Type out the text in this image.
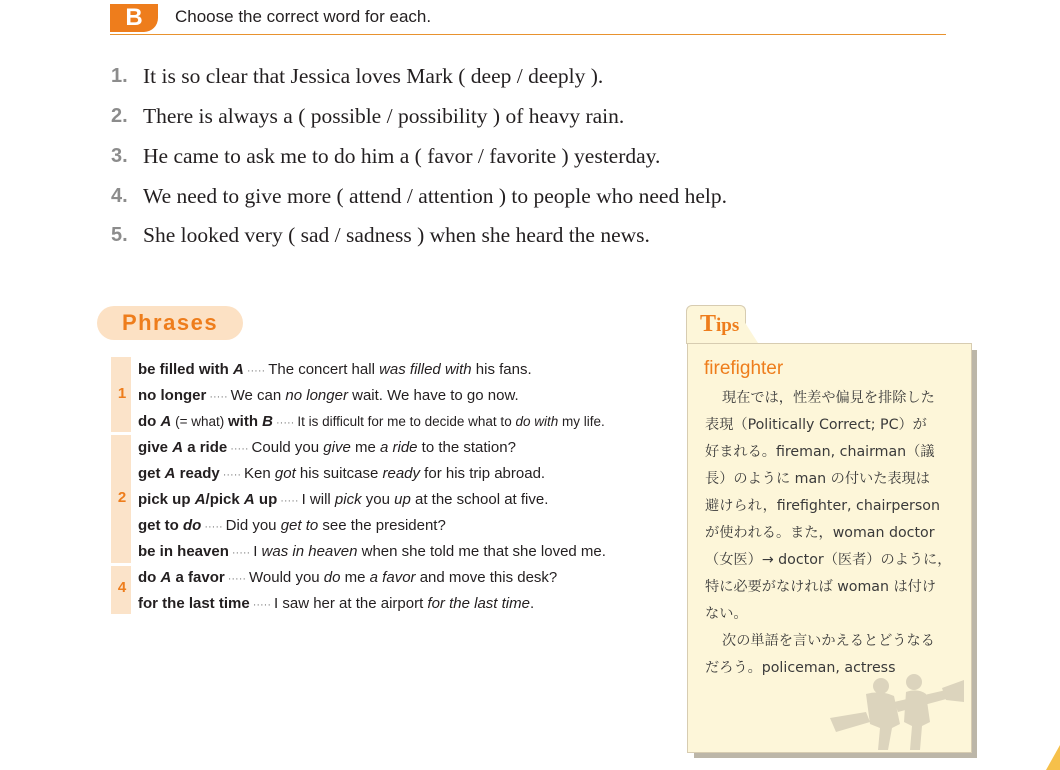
B	Choose the correct word for each.
1. It is so clear that Jessica loves Mark ( deep / deeply ).
2. There is always a ( possible / possibility ) of heavy rain.
3. He came to ask me to do him a ( favor / favorite ) yesterday.
4. We need to give more ( attend / attention ) to people who need help.
5. She looked very ( sad / sadness ) when she heard the news.
Phrases
1
2
4
be filled with A ····· The concert hall was filled with his fans.
no longer ····· We can no longer wait. We have to go now.
do A (= what) with B ····· It is difficult for me to decide what to do with my life.
give A a ride ····· Could you give me a ride to the station?
get A ready ····· Ken got his suitcase ready for his trip abroad.
pick up A/pick A up ····· I will pick you up at the school at five.
get to do ····· Did you get to see the president?
be in heaven ····· I was in heaven when she told me that she loved me.
do A a favor ····· Would you do me a favor and move this desk?
for the last time ····· I saw her at the airport for the last time.
Tips
firefighter
現在では，性差や偏見を排除した
表現（Politically Correct; PC）が
好まれる。fireman, chairman（議
長）のように man の付いた表現は
避けられ，firefighter, chairperson
が使われる。また，woman doctor
（女医）→ doctor（医者）のように，
特に必要がなければ woman は付け
ない。
次の単語を言いかえるとどうなる
だろう。policeman, actress
